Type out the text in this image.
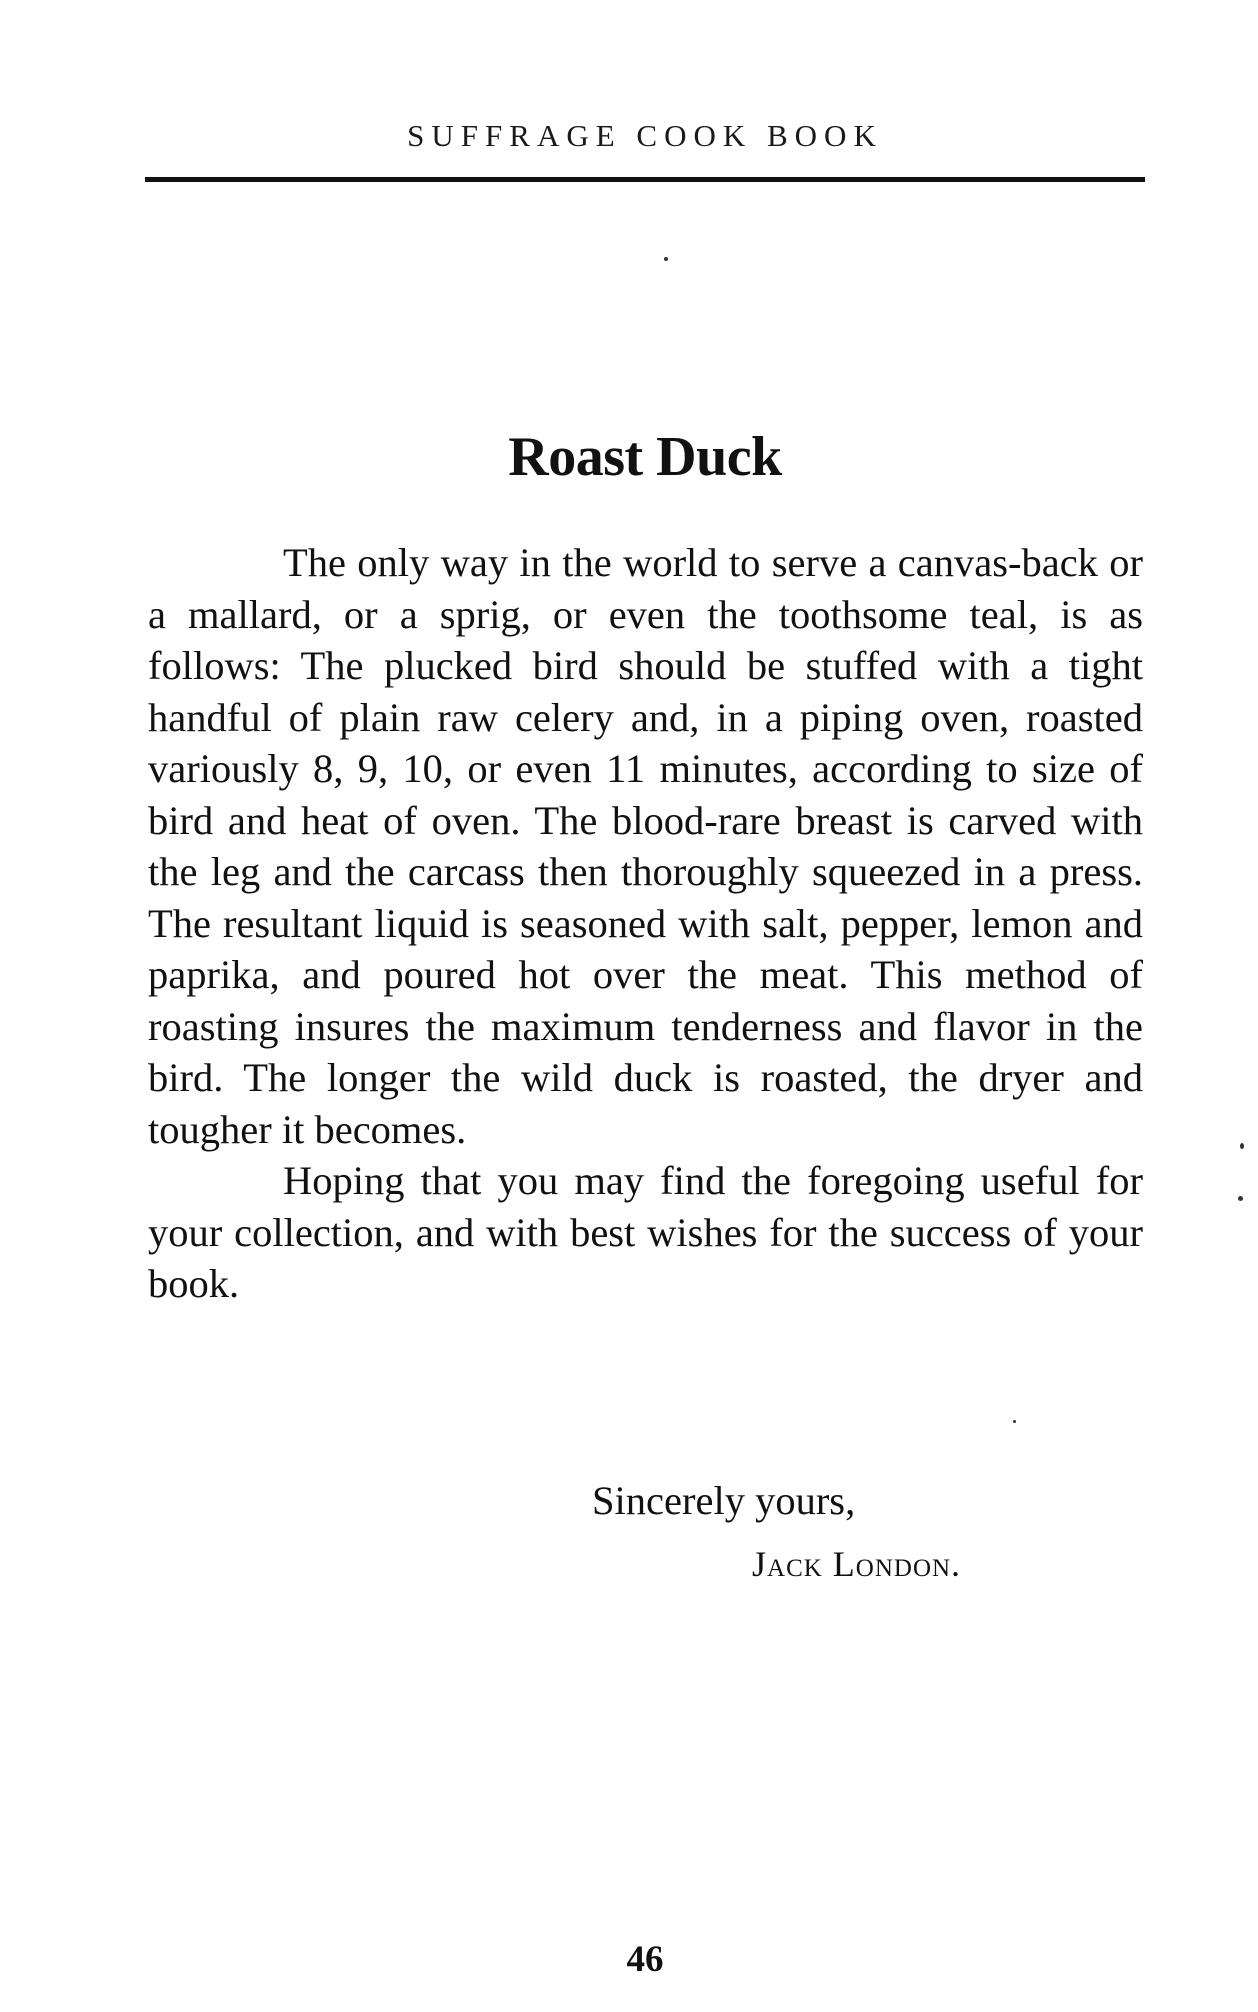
SUFFRAGE COOK BOOK
Roast Duck

The only way in the world to serve a canvas-back or a mallard, or a sprig, or even the toothsome teal, is as follows: The plucked bird should be stuffed with a tight handful of plain raw celery and, in a piping oven, roasted variously 8, 9, 10, or even 11 minutes, according to size of bird and heat of oven. The blood-rare breast is carved with the leg and the carcass then thoroughly squeezed in a press. The resultant liquid is seasoned with salt, pepper, lemon and paprika, and poured hot over the meat. This method of roasting insures the maximum tenderness and flavor in the bird. The longer the wild duck is roasted, the dryer and tougher it becomes.

Hoping that you may find the foregoing useful for your collection, and with best wishes for the success of your book.

Sincerely yours,
Jack London.
46
